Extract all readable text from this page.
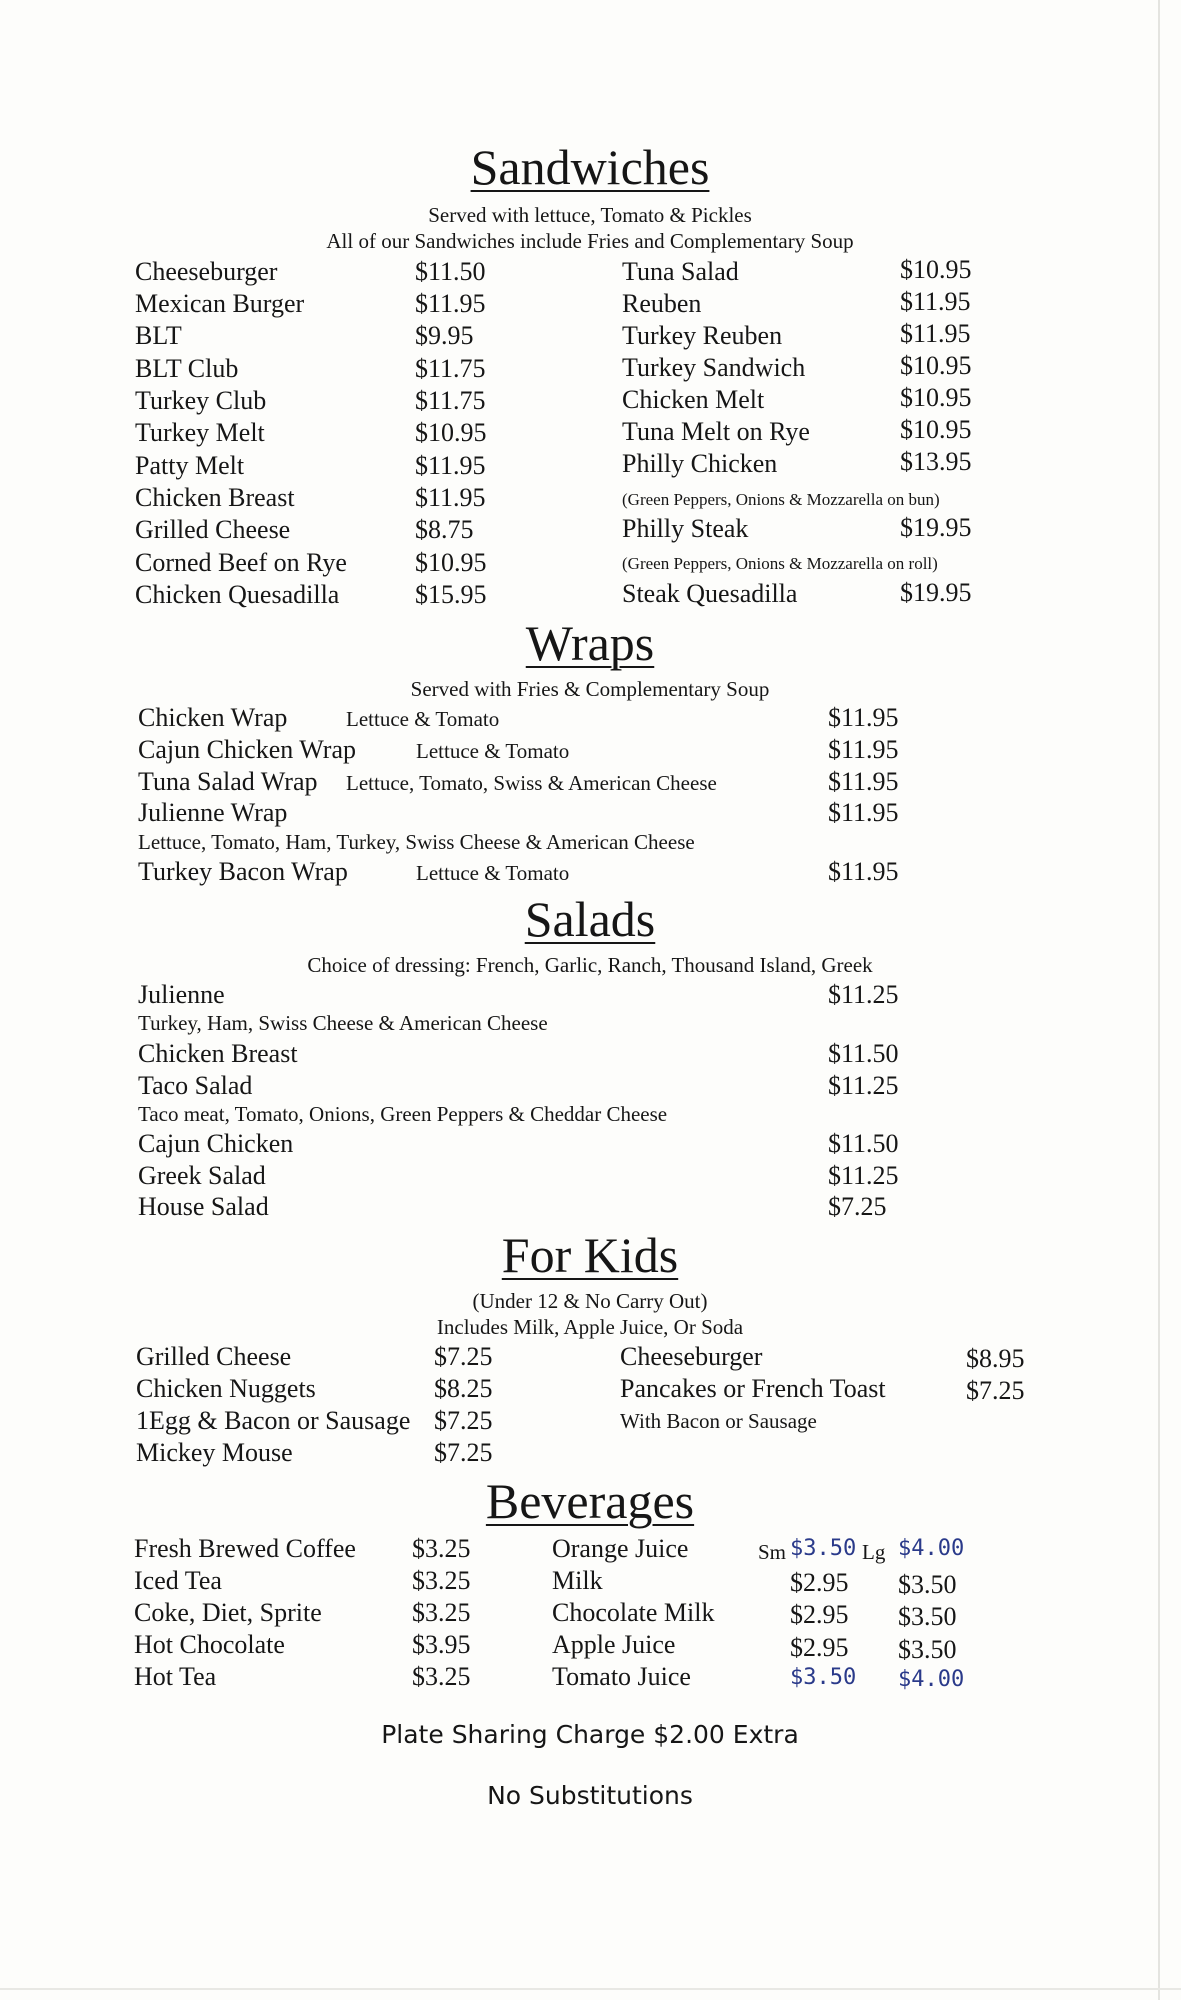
Sandwiches
Served with lettuce, Tomato & Pickles
All of our Sandwiches include Fries and Complementary Soup
Cheeseburger	$11.50
Mexican Burger	$11.95
BLT	$9.95
BLT Club	$11.75
Turkey Club	$11.75
Turkey Melt	$10.95
Patty Melt	$11.95
Chicken Breast	$11.95
Grilled Cheese	$8.75
Corned Beef on Rye	$10.95
Chicken Quesadilla	$15.95
Tuna Salad	$10.95
Reuben	$11.95
Turkey Reuben	$11.95
Turkey Sandwich	$10.95
Chicken Melt	$10.95
Tuna Melt on Rye	$10.95
Philly Chicken	$13.95
(Green Peppers, Onions & Mozzarella on bun)
Philly Steak	$19.95
(Green Peppers, Onions & Mozzarella on roll)
Steak Quesadilla	$19.95
Wraps
Served with Fries & Complementary Soup
Chicken Wrap	Lettuce & Tomato	$11.95
Cajun Chicken Wrap	Lettuce & Tomato	$11.95
Tuna Salad Wrap Lettuce, Tomato, Swiss & American Cheese	$11.95
Julienne Wrap	$11.95
Lettuce, Tomato, Ham, Turkey, Swiss Cheese & American Cheese
Turkey Bacon Wrap	Lettuce & Tomato	$11.95
Salads
Choice of dressing: French, Garlic, Ranch, Thousand Island, Greek
Julienne	$11.25
Turkey, Ham, Swiss Cheese & American Cheese
Chicken Breast	$11.50
Taco Salad	$11.25
Taco meat, Tomato, Onions, Green Peppers & Cheddar Cheese
Cajun Chicken	$11.50
Greek Salad	$11.25
House Salad	$7.25
For Kids
(Under 12 & No Carry Out)
Includes Milk, Apple Juice, Or Soda
Grilled Cheese	$7.25
Chicken Nuggets	$8.25
1Egg & Bacon or Sausage $7.25
Mickey Mouse	$7.25
Cheeseburger	$8.95
Pancakes or French Toast	$7.25
With Bacon or Sausage
Beverages
Fresh Brewed Coffee $3.25
Iced Tea	$3.25
Coke, Diet, Sprite	$3.25
Hot Chocolate	$3.95
Hot Tea	$3.25
Orange Juice	Sm $3.50 Lg $4.00
Milk	$2.95 $3.50
Chocolate Milk	$2.95 $3.50
Apple Juice	$2.95 $3.50
Tomato Juice	$3.50 $4.00
Plate Sharing Charge $2.00 Extra
No Substitutions
